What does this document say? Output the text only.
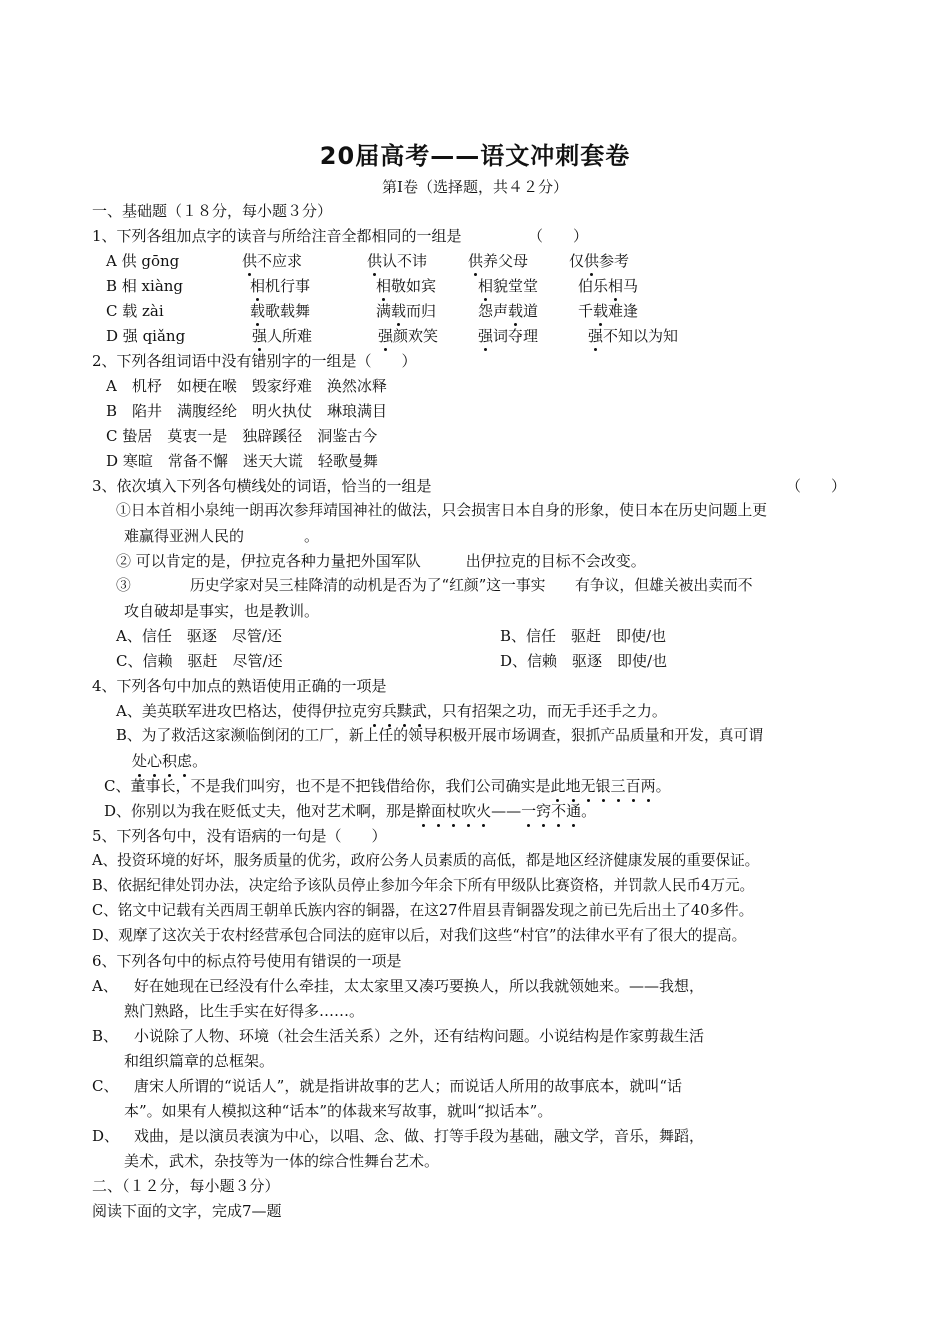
20届高考——语文冲刺套卷
第Ⅰ卷（选择题，共４２分）
一、基础题（１８分，每小题３分）
1、下列各组加点字的读音与所给注音全都相同的一组是	（　　）
A 供 gōng	供不应求	供认不讳	供养父母	仅供参考
B 相 xiàng	相机行事	相敬如宾	相貌堂堂	伯乐相马
C 载 zài	载歌载舞	满载而归	怨声载道	千载难逢
D 强 qiǎng	强人所难	强颜欢笑	强词夺理	强不知以为知
2、下列各组词语中没有错别字的一组是（　　）
A　 机杼　如梗在喉　毁家纾难　涣然冰释
B　 陷井　满腹经纶　明火执仗　琳琅满目
C 蛰居　莫衷一是　独辟蹊径　洞鉴古今
D 寒暄　常备不懈　迷天大谎　轻歌曼舞
3、依次填入下列各句横线处的词语，恰当的一组是	（　　）
①日本首相小泉纯一朗再次参拜靖国神社的做法，只会损害日本自身的形象，使日本在历史问题上更
难赢得亚洲人民的　　　　。
② 可以肯定的是，伊拉克各种力量把外国军队　　　出伊拉克的目标不会改变。
③　　　　历史学家对吴三桂降清的动机是否为了“红颜”这一事实　　有争议，但雄关被出卖而不
攻自破却是事实，也是教训。
A、信任　驱逐　尽管/还	B、信任　驱赶　即使/也
C、信赖　驱赶　尽管/还	D、信赖　驱逐　即使/也
4、下列各句中加点的熟语使用正确的一项是
A、美英联军进攻巴格达，使得伊拉克穷兵黩武，只有招架之功，而无手还手之力。
B、为了救活这家濒临倒闭的工厂，新上任的领导积极开展市场调查，狠抓产品质量和开发，真可谓
处心积虑。
C、董事长，不是我们叫穷，也不是不把钱借给你，我们公司确实是此地无银三百两。
D、你别以为我在贬低丈夫，他对艺术啊，那是擀面杖吹火——一窍不通。
5、下列各句中，没有语病的一句是（　　）
A、投资环境的好坏，服务质量的优劣，政府公务人员素质的高低，都是地区经济健康发展的重要保证。
B、依据纪律处罚办法，决定给予该队员停止参加今年余下所有甲级队比赛资格，并罚款人民币4万元。
C、铭文中记载有关西周王朝单氏族内容的铜器，在这27件眉县青铜器发现之前已先后出土了40多件。
D、观摩了这次关于农村经营承包合同法的庭审以后，对我们这些“村官”的法律水平有了很大的提高。
6、下列各句中的标点符号使用有错误的一项是
A、 好在她现在已经没有什么牵挂，太太家里又凑巧要换人，所以我就领她来。——我想，
熟门熟路，比生手实在好得多……。
B、 小说除了人物、环境（社会生活关系）之外，还有结构问题。小说结构是作家剪裁生活
和组织篇章的总框架。
C、 唐宋人所谓的“说话人”，就是指讲故事的艺人；而说话人所用的故事底本，就叫“话
本”。如果有人模拟这种“话本”的体裁来写故事，就叫“拟话本”。
D、 戏曲，是以演员表演为中心，以唱、念、做、打等手段为基础，融文学，音乐，舞蹈，
美术，武术，杂技等为一体的综合性舞台艺术。
二、（１２分，每小题３分）
阅读下面的文字，完成7—题
